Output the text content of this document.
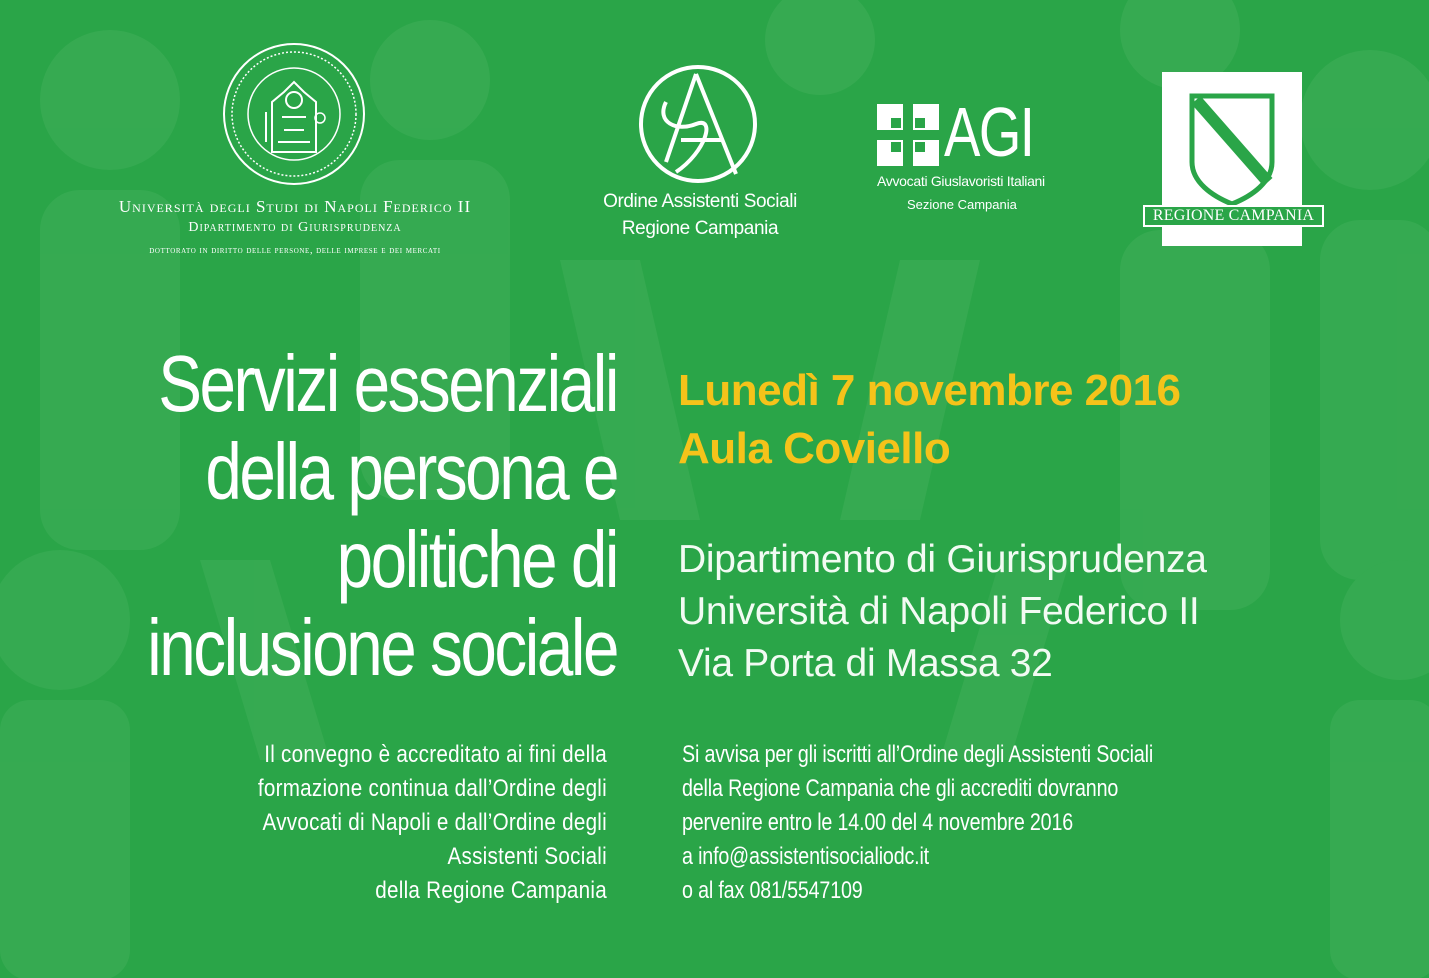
Università degli Studi di Napoli Federico II
Dipartimento di Giurisprudenza
dottorato in diritto delle persone, delle imprese e dei mercati
Ordine Assistenti Sociali
Regione Campania
AGI
Avvocati Giuslavoristi Italiani
Sezione Campania
REGIONE CAMPANIA
Servizi essenziali
della persona e
politiche di
inclusione sociale
Lunedì 7 novembre 2016
Aula Coviello
Dipartimento di Giurisprudenza
Università di Napoli Federico II
Via Porta di Massa 32
Il convegno è accreditato ai fini della
formazione continua dall’Ordine degli
Avvocati di Napoli e dall’Ordine degli
Assistenti Sociali
della Regione Campania
Si avvisa per gli iscritti all’Ordine degli Assistenti Sociali
della Regione Campania che gli accrediti dovranno
pervenire entro le 14.00 del 4 novembre 2016
a info@assistentisocialiodc.it
o al fax 081/5547109
